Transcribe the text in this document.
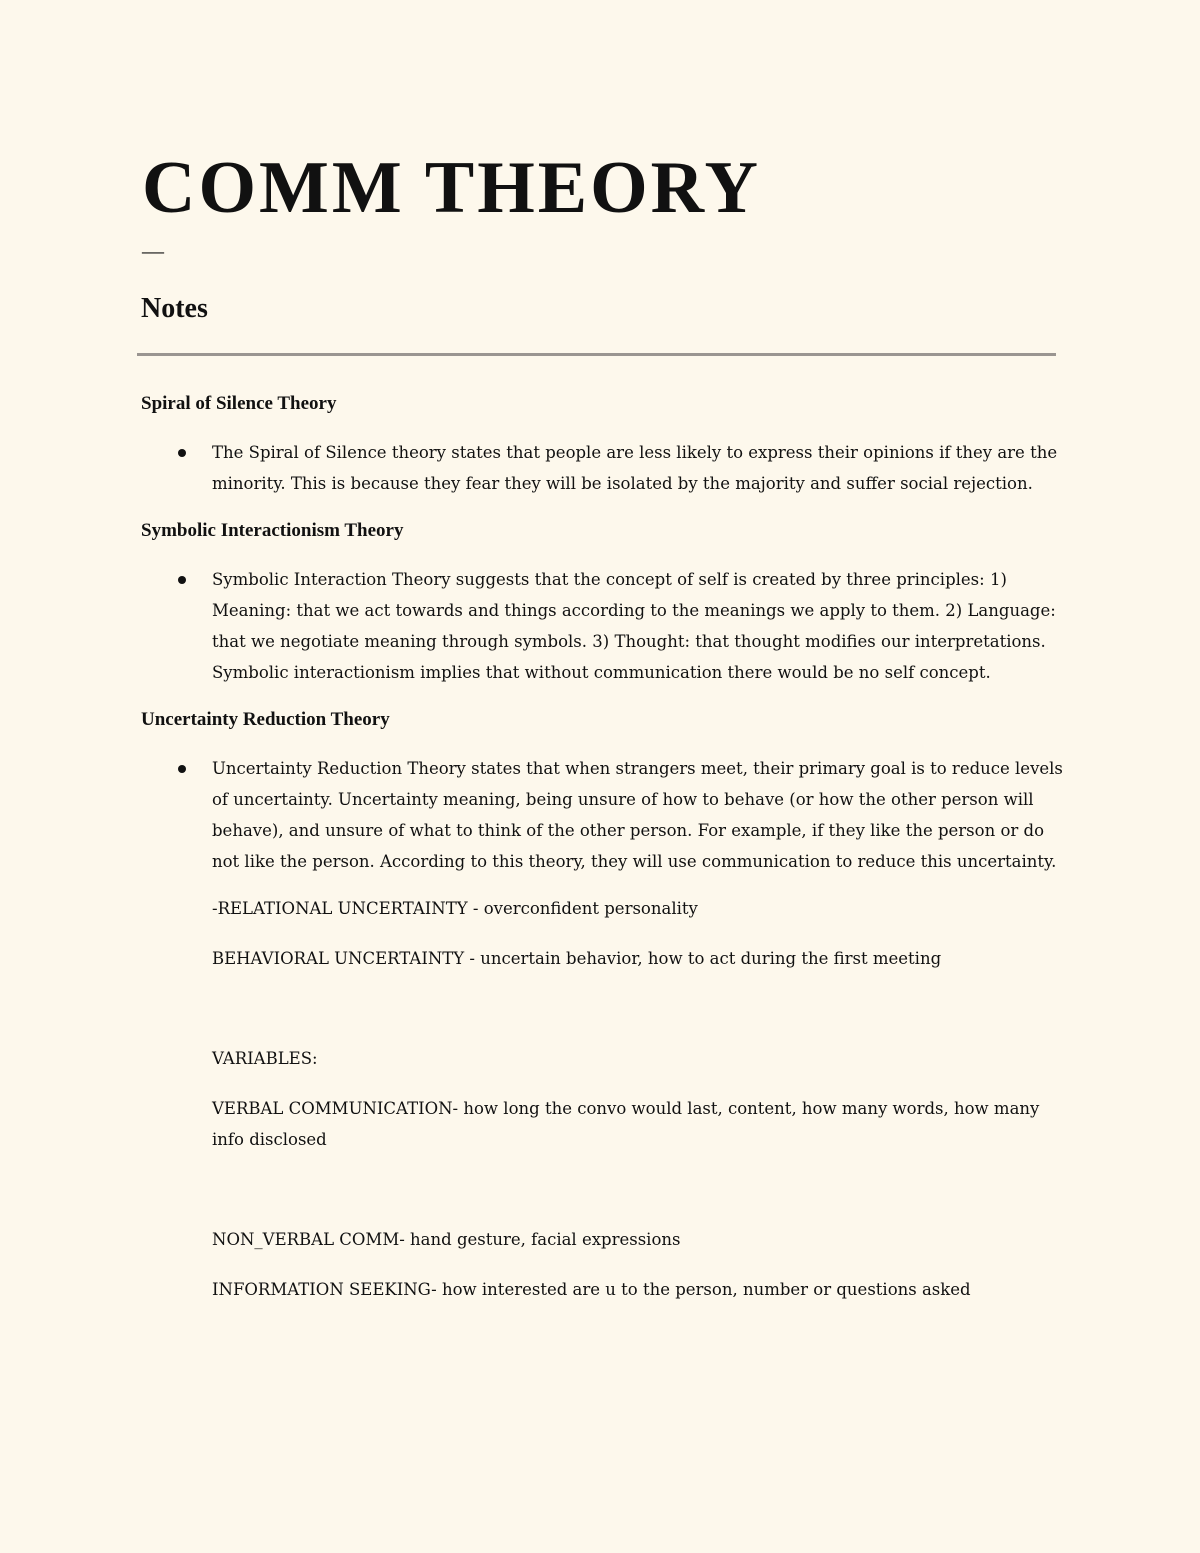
COMM THEORY
—
Notes
Spiral of Silence Theory
The Spiral of Silence theory states that people are less likely to express their opinions if they are the minority. This is because they fear they will be isolated by the majority and suffer social rejection.
Symbolic Interactionism Theory
Symbolic Interaction Theory suggests that the concept of self is created by three principles: 1) Meaning: that we act towards and things according to the meanings we apply to them. 2) Language: that we negotiate meaning through symbols. 3) Thought: that thought modifies our interpretations. Symbolic interactionism implies that without communication there would be no self concept.
Uncertainty Reduction Theory
Uncertainty Reduction Theory states that when strangers meet, their primary goal is to reduce levels of uncertainty. Uncertainty meaning, being unsure of how to behave (or how the other person will behave), and unsure of what to think of the other person. For example, if they like the person or do not like the person. According to this theory, they will use communication to reduce this uncertainty.

-RELATIONAL UNCERTAINTY - overconfident personality

BEHAVIORAL UNCERTAINTY - uncertain behavior, how to act during the first meeting

VARIABLES:

VERBAL COMMUNICATION- how long the convo would last, content, how many words, how many info disclosed

NON_VERBAL COMM- hand gesture, facial expressions

INFORMATION SEEKING- how interested are u to the person, number or questions asked
